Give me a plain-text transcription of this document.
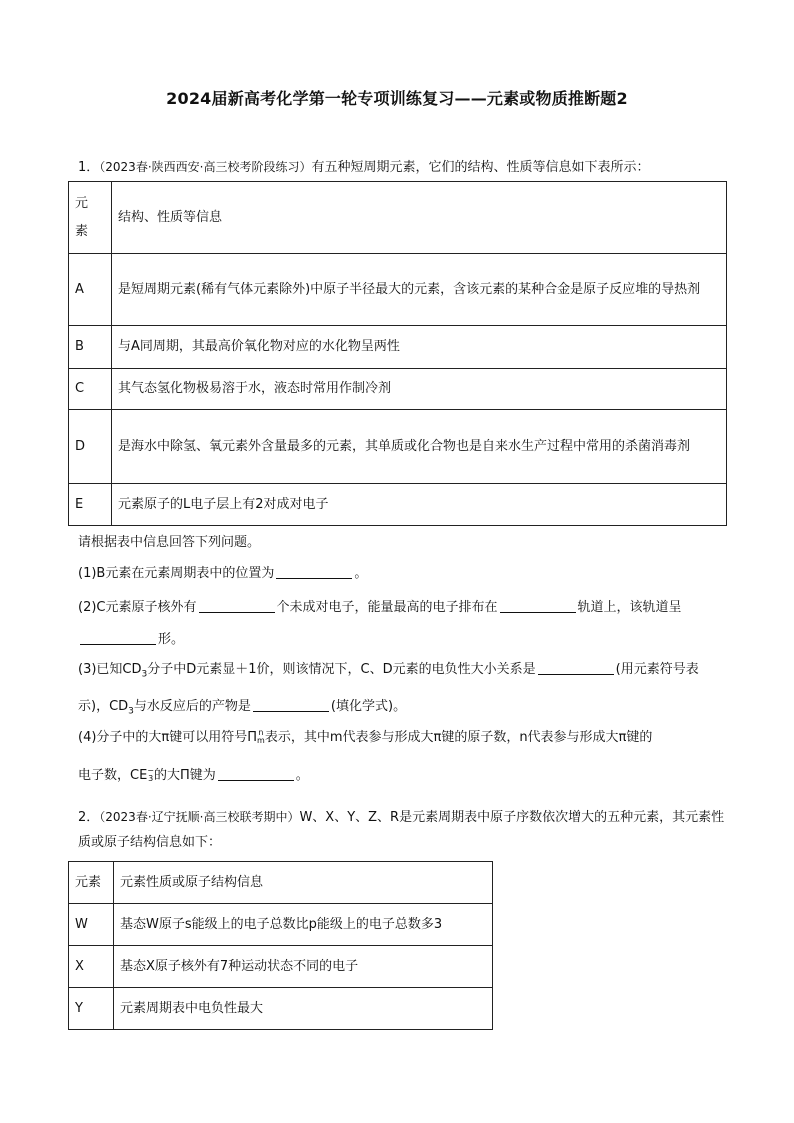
2024届新高考化学第一轮专项训练复习——元素或物质推断题2
1．（2023春·陕西西安·高三校考阶段练习）有五种短周期元素，它们的结构、性质等信息如下表所示：
元素	结构、性质等信息
A	是短周期元素(稀有气体元素除外)中原子半径最大的元素，含该元素的某种合金是原子反应堆的导热剂
B	与A同周期，其最高价氧化物对应的水化物呈两性
C	其气态氢化物极易溶于水，液态时常用作制冷剂
D	是海水中除氢、氧元素外含量最多的元素，其单质或化合物也是自来水生产过程中常用的杀菌消毒剂
E	元素原子的L电子层上有2对成对电子
请根据表中信息回答下列问题。
(1)B元素在元素周期表中的位置为	。
(2)C元素原子核外有	个未成对电子，能量最高的电子排布在	轨道上，该轨道呈
形。
(3)已知$CD_3$分子中D元素显＋1价，则该情况下，C、D元素的电负性大小关系是	(用元素符号表示)，$CD_3$与水反应后的产物是	(填化学式)。
(4)分子中的大π键可以用符号Π n
m 表示，其中m代表参与形成大π键的原子数，n代表参与形成大π键的
电子数，CE −
3 的大Π键为	。
2．（2023春·辽宁抚顺·高三校联考期中）W、X、Y、Z、R是元素周期表中原子序数依次增大的五种元素，其元素性质或原子结构信息如下：
元素	元素性质或原子结构信息
W	基态W原子s能级上的电子总数比p能级上的电子总数多3
X	基态X原子核外有7种运动状态不同的电子
Y	元素周期表中电负性最大
